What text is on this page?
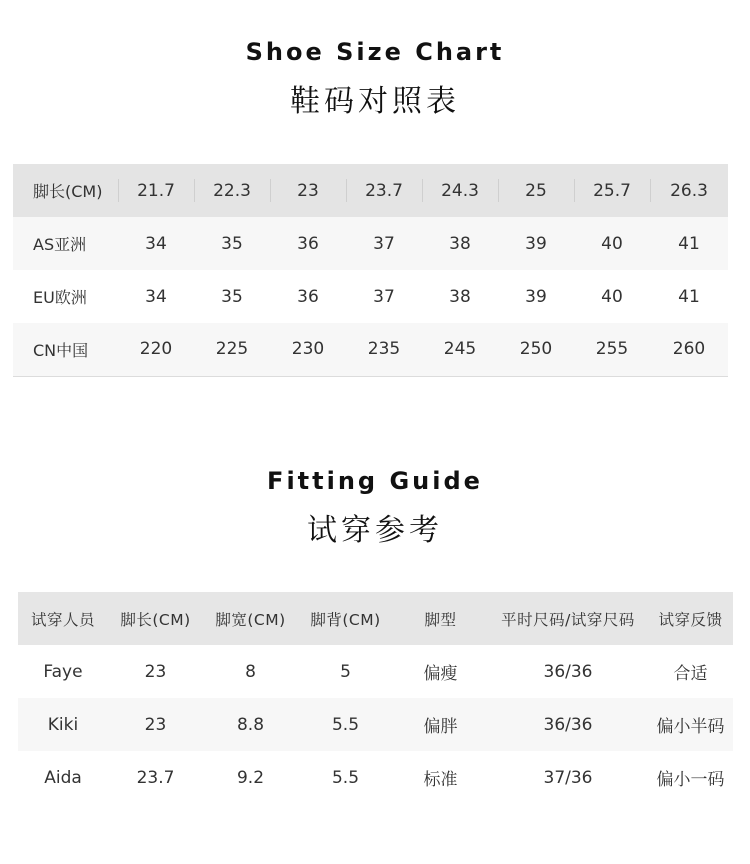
Shoe Size Chart
鞋码对照表
脚长(CM)	21.7	22.3	23	23.7	24.3	25	25.7	26.3
AS亚洲	34	35	36	37	38	39	40	41
EU欧洲	34	35	36	37	38	39	40	41
CN中国	220	225	230	235	245	250	255	260
Fitting Guide
试穿参考
试穿人员	脚长(CM)	脚宽(CM)	脚背(CM)	脚型	平时尺码/试穿尺码	试穿反馈
Faye	23	8	5	偏瘦	36/36	合适
Kiki	23	8.8	5.5	偏胖	36/36	偏小半码
Aida	23.7	9.2	5.5	标准	37/36	偏小一码
